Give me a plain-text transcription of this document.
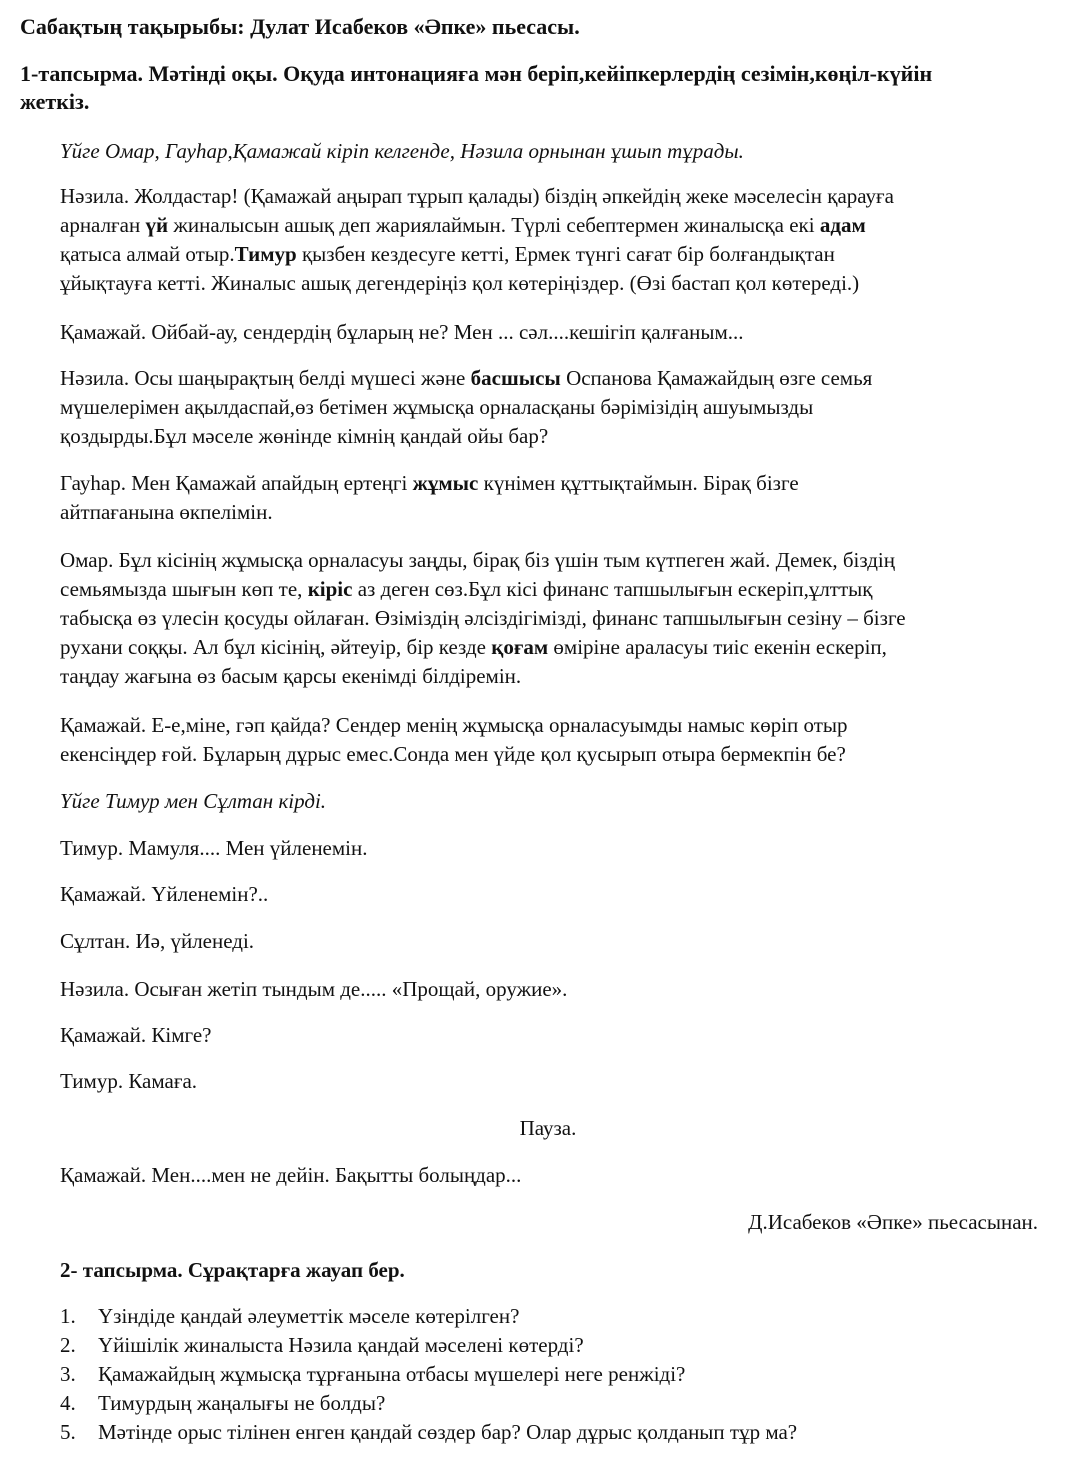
Сабақтың тақырыбы: Дулат Исабеков «Әпке» пьесасы.

1-тапсырма. Мәтінді оқы. Оқуда интонацияға мән беріп,кейіпкерлердің сезімін,көңіл-күйін
жеткіз.

Үйге Омар, Гауһар,Қамажай кіріп келгенде, Нәзила орнынан ұшып тұрады.

Нәзила. Жолдастар! (Қамажай аңырап тұрып қалады) біздің әпкейдің жеке мәселесін қарауға
арналған үй жиналысын ашық деп жариялаймын. Түрлі себептермен жиналысқа екі адам
қатыса алмай отыр.Тимур қызбен кездесуге кетті, Ермек түнгі сағат бір болғандықтан
ұйықтауға кетті. Жиналыс ашық дегендеріңіз қол көтеріңіздер. (Өзі бастап қол көтереді.)

Қамажай. Ойбай-ау, сендердің бұларың не? Мен ... сәл....кешігіп қалғаным...

Нәзила. Осы шаңырақтың белді мүшесі және басшысы Оспанова Қамажайдың өзге семья
мүшелерімен ақылдаспай,өз бетімен жұмысқа орналасқаны бәрімізідің ашуымызды
қоздырды.Бұл мәселе жөнінде кімнің қандай ойы бар?

Гауһар. Мен Қамажай апайдың ертеңгі жұмыс күнімен құттықтаймын. Бірақ бізге
айтпағанына өкпелімін.

Омар. Бұл кісінің жұмысқа орналасуы заңды, бірақ біз үшін тым күтпеген жай. Демек, біздің
семьямызда шығын көп те, кіріс аз деген сөз.Бұл кісі финанс тапшылығын ескеріп,ұлттық
табысқа өз үлесін қосуды ойлаған. Өзіміздің әлсіздігімізді, финанс тапшылығын сезіну – бізге
рухани соққы. Ал бұл кісінің, әйтеуір, бір кезде қоғам өміріне араласуы тиіс екенін ескеріп,
таңдау жағына өз басым қарсы екенімді білдіремін.

Қамажай. Е-е,міне, гәп қайда? Сендер менің жұмысқа орналасуымды намыс көріп отыр
екенсіңдер ғой. Бұларың дұрыс емес.Сонда мен үйде қол қусырып отыра бермекпін бе?

Үйге Тимур мен Сұлтан кірді.

Тимур. Мамуля.... Мен үйленемін.

Қамажай. Үйленемін?..

Сұлтан. Иә, үйленеді.

Нәзила. Осыған жетіп тындым де..... «Прощай, оружие».

Қамажай. Кімге?

Тимур. Камаға.

Пауза.

Қамажай. Мен....мен не дейін. Бақытты болыңдар...

Д.Исабеков «Әпке» пьесасынан.
2- тапсырма. Сұрақтарға жауап бер.
1.	Үзіндіде қандай әлеуметтік мәселе көтерілген?
2.	Үйішілік жиналыста Нәзила қандай мәселені көтерді?
3.	Қамажайдың жұмысқа тұрғанына отбасы мүшелері неге ренжіді?
4.	Тимурдың жаңалығы не болды?
5.	Мәтінде орыс тілінен енген қандай сөздер бар? Олар дұрыс қолданып тұр ма?
